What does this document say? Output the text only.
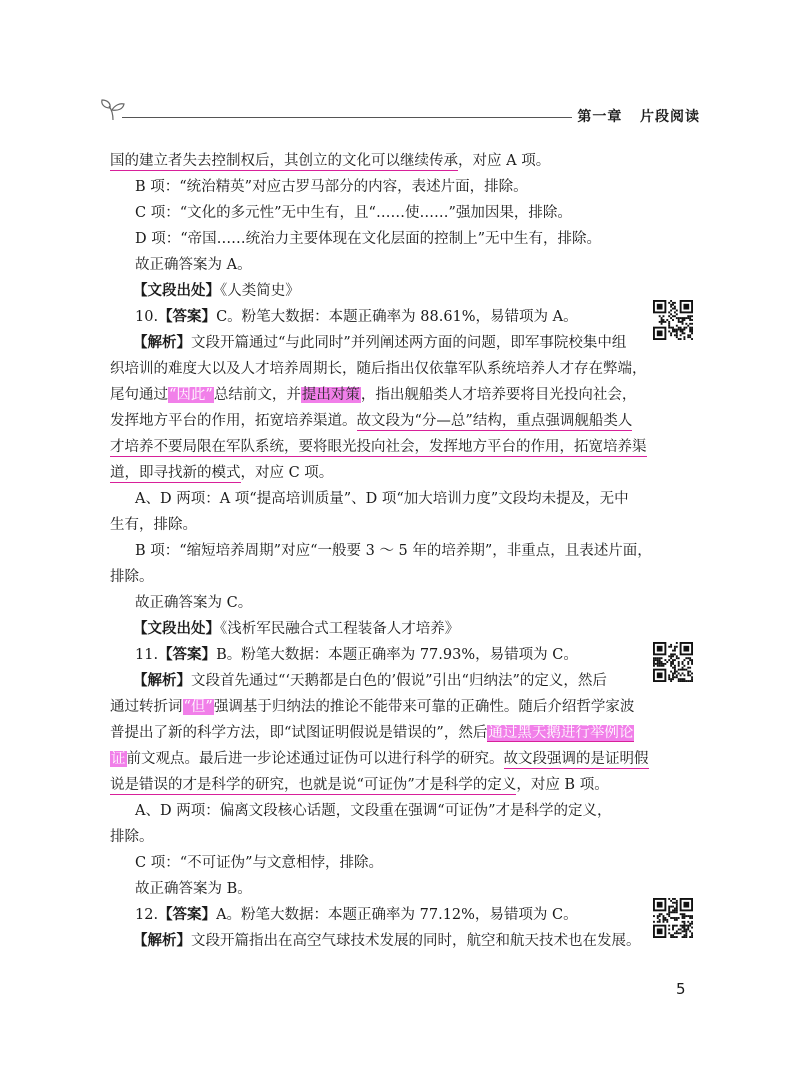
第一章 片段阅读
国的建立者失去控制权后，其创立的文化可以继续传承，对应 A 项。
B 项：“统治精英”对应古罗马部分的内容，表述片面，排除。
C 项：“文化的多元性”无中生有，且“……使……”强加因果，排除。
D 项：“帝国……统治力主要体现在文化层面的控制上”无中生有，排除。
故正确答案为 A。
【文段出处】《人类简史》
10.【答案】C。粉笔大数据：本题正确率为 88.61%，易错项为 A。
【解析】文段开篇通过“与此同时”并列阐述两方面的问题，即军事院校集中组
织培训的难度大以及人才培养周期长，随后指出仅依靠军队系统培养人才存在弊端，
尾句通过“因此”总结前文，并提出对策，指出舰船类人才培养要将目光投向社会，
发挥地方平台的作用，拓宽培养渠道。故文段为“分—总”结构，重点强调舰船类人
才培养不要局限在军队系统，要将眼光投向社会，发挥地方平台的作用，拓宽培养渠
道，即寻找新的模式，对应 C 项。
A、D 两项：A 项“提高培训质量”、D 项“加大培训力度”文段均未提及，无中
生有，排除。
B 项：“缩短培养周期”对应“一般要 3 ～ 5 年的培养期”，非重点，且表述片面，
排除。
故正确答案为 C。
【文段出处】《浅析军民融合式工程装备人才培养》
11.【答案】B。粉笔大数据：本题正确率为 77.93%，易错项为 C。
【解析】文段首先通过“‘天鹅都是白色的’假说”引出“归纳法”的定义，然后
通过转折词“但”强调基于归纳法的推论不能带来可靠的正确性。随后介绍哲学家波
普提出了新的科学方法，即“试图证明假说是错误的”，然后通过黑天鹅进行举例论
证前文观点。最后进一步论述通过证伪可以进行科学的研究。故文段强调的是证明假
说是错误的才是科学的研究，也就是说“可证伪”才是科学的定义，对应 B 项。
A、D 两项：偏离文段核心话题，文段重在强调“可证伪”才是科学的定义，
排除。
C 项：“不可证伪”与文意相悖，排除。
故正确答案为 B。
12.【答案】A。粉笔大数据：本题正确率为 77.12%，易错项为 C。
【解析】文段开篇指出在高空气球技术发展的同时，航空和航天技术也在发展。
5
